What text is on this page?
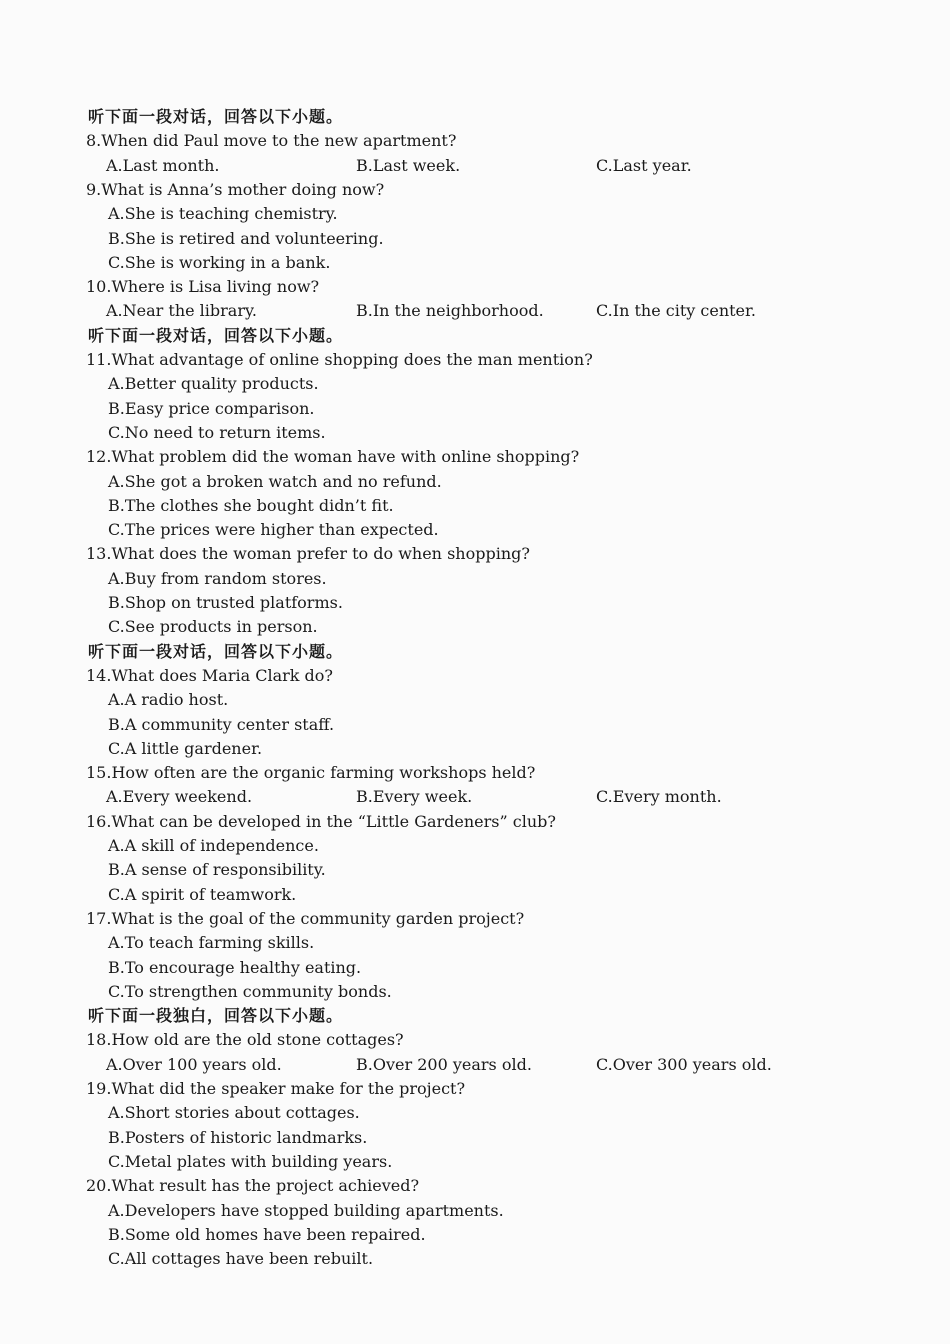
听下面一段对话，回答以下小题。
8.When did Paul move to the new apartment?
A.Last month.	B.Last week.	C.Last year.
9.What is Anna’s mother doing now?
A.She is teaching chemistry.
B.She is retired and volunteering.
C.She is working in a bank.
10.Where is Lisa living now?
A.Near the library.	B.In the neighborhood.	C.In the city center.
听下面一段对话，回答以下小题。
11.What advantage of online shopping does the man mention?
A.Better quality products.
B.Easy price comparison.
C.No need to return items.
12.What problem did the woman have with online shopping?
A.She got a broken watch and no refund.
B.The clothes she bought didn’t fit.
C.The prices were higher than expected.
13.What does the woman prefer to do when shopping?
A.Buy from random stores.
B.Shop on trusted platforms.
C.See products in person.
听下面一段对话，回答以下小题。
14.What does Maria Clark do?
A.A radio host.
B.A community center staff.
C.A little gardener.
15.How often are the organic farming workshops held?
A.Every weekend.	B.Every week.	C.Every month.
16.What can be developed in the “Little Gardeners” club?
A.A skill of independence.
B.A sense of responsibility.
C.A spirit of teamwork.
17.What is the goal of the community garden project?
A.To teach farming skills.
B.To encourage healthy eating.
C.To strengthen community bonds.
听下面一段独白，回答以下小题。
18.How old are the old stone cottages?
A.Over 100 years old.	B.Over 200 years old.	C.Over 300 years old.
19.What did the speaker make for the project?
A.Short stories about cottages.
B.Posters of historic landmarks.
C.Metal plates with building years.
20.What result has the project achieved?
A.Developers have stopped building apartments.
B.Some old homes have been repaired.
C.All cottages have been rebuilt.
